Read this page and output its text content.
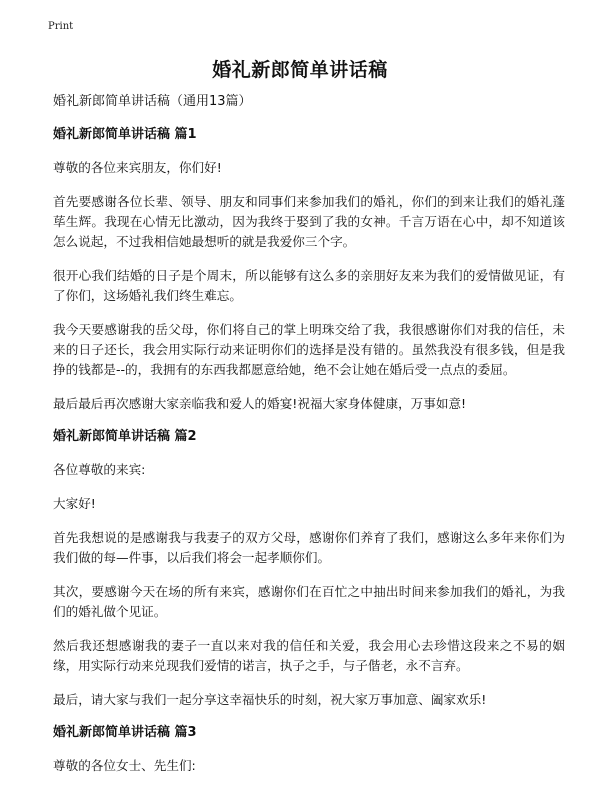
Print
婚礼新郎简单讲话稿

婚礼新郎简单讲话稿（通用13篇）

婚礼新郎简单讲话稿 篇1

尊敬的各位来宾朋友，你们好!

首先要感谢各位长辈、领导、朋友和同事们来参加我们的婚礼，你们的到来让我们的婚礼蓬荜生辉。我现在心情无比激动，因为我终于娶到了我的女神。千言万语在心中，却不知道该怎么说起，不过我相信她最想听的就是我爱你三个字。

很开心我们结婚的日子是个周末，所以能够有这么多的亲朋好友来为我们的爱情做见证，有了你们，这场婚礼我们终生难忘。

我今天要感谢我的岳父母，你们将自己的掌上明珠交给了我，我很感谢你们对我的信任，未来的日子还长，我会用实际行动来证明你们的选择是没有错的。虽然我没有很多钱，但是我挣的钱都是--的，我拥有的东西我都愿意给她，绝不会让她在婚后受一点点的委屈。

最后最后再次感谢大家亲临我和爱人的婚宴!祝福大家身体健康，万事如意!

婚礼新郎简单讲话稿 篇2

各位尊敬的来宾:

大家好!

首先我想说的是感谢我与我妻子的双方父母，感谢你们养育了我们，感谢这么多年来你们为我们做的每—件事，以后我们将会一起孝顺你们。

其次，要感谢今天在场的所有来宾，感谢你们在百忙之中抽出时间来参加我们的婚礼，为我们的婚礼做个见证。

然后我还想感谢我的妻子一直以来对我的信任和关爱，我会用心去珍惜这段来之不易的姻缘，用实际行动来兑现我们爱情的诺言，执子之手，与子偕老，永不言弃。

最后，请大家与我们一起分享这幸福快乐的时刻，祝大家万事加意、阖家欢乐!

婚礼新郎简单讲话稿 篇3

尊敬的各位女士、先生们:
